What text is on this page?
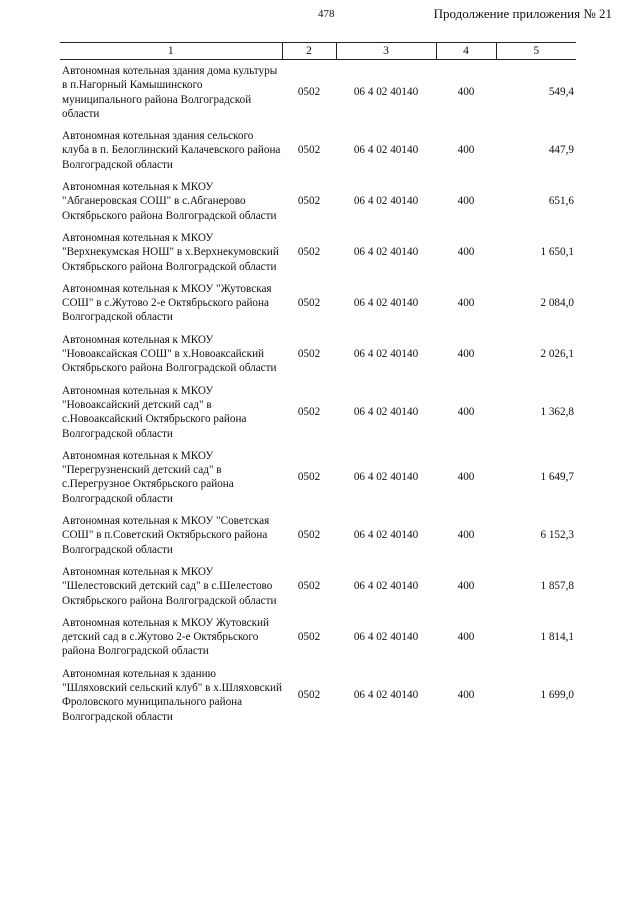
478	Продолжение приложения № 21
1	2	3	4	5
Автономная котельная здания дома культуры в п.Нагорный Камышинского муниципального района Волгоградской области	0502	06 4 02 40140	400	549,4
Автономная котельная здания сельского клуба в п. Белоглинский Калачевского района Волгоградской области	0502	06 4 02 40140	400	447,9
Автономная котельная к МКОУ "Абганеровская СОШ" в с.Абганерово Октябрьского района Волгоградской области	0502	06 4 02 40140	400	651,6
Автономная котельная к МКОУ "Верхнекумская НОШ" в х.Верхнекумовский Октябрьского района Волгоградской области	0502	06 4 02 40140	400	1 650,1
Автономная котельная к МКОУ "Жутовская СОШ" в с.Жутово 2-е Октябрьского района Волгоградской области	0502	06 4 02 40140	400	2 084,0
Автономная котельная к МКОУ "Новоаксайская СОШ" в х.Новоаксайский Октябрьского района Волгоградской области	0502	06 4 02 40140	400	2 026,1
Автономная котельная к МКОУ "Новоаксайский детский сад" в с.Новоаксайский Октябрьского района Волгоградской области	0502	06 4 02 40140	400	1 362,8
Автономная котельная к МКОУ "Перегрузненский детский сад" в с.Перегрузное Октябрьского района Волгоградской области	0502	06 4 02 40140	400	1 649,7
Автономная котельная к МКОУ "Советская СОШ" в п.Советский Октябрьского района Волгоградской области	0502	06 4 02 40140	400	6 152,3
Автономная котельная к МКОУ "Шелестовский детский сад" в с.Шелестово Октябрьского района Волгоградской области	0502	06 4 02 40140	400	1 857,8
Автономная котельная к МКОУ Жутовский детский сад в с.Жутово 2-е Октябрьского района Волгоградской области	0502	06 4 02 40140	400	1 814,1
Автономная котельная к зданию "Шляховский сельский клуб" в х.Шляховский Фроловского муниципального района Волгоградской области	0502	06 4 02 40140	400	1 699,0
